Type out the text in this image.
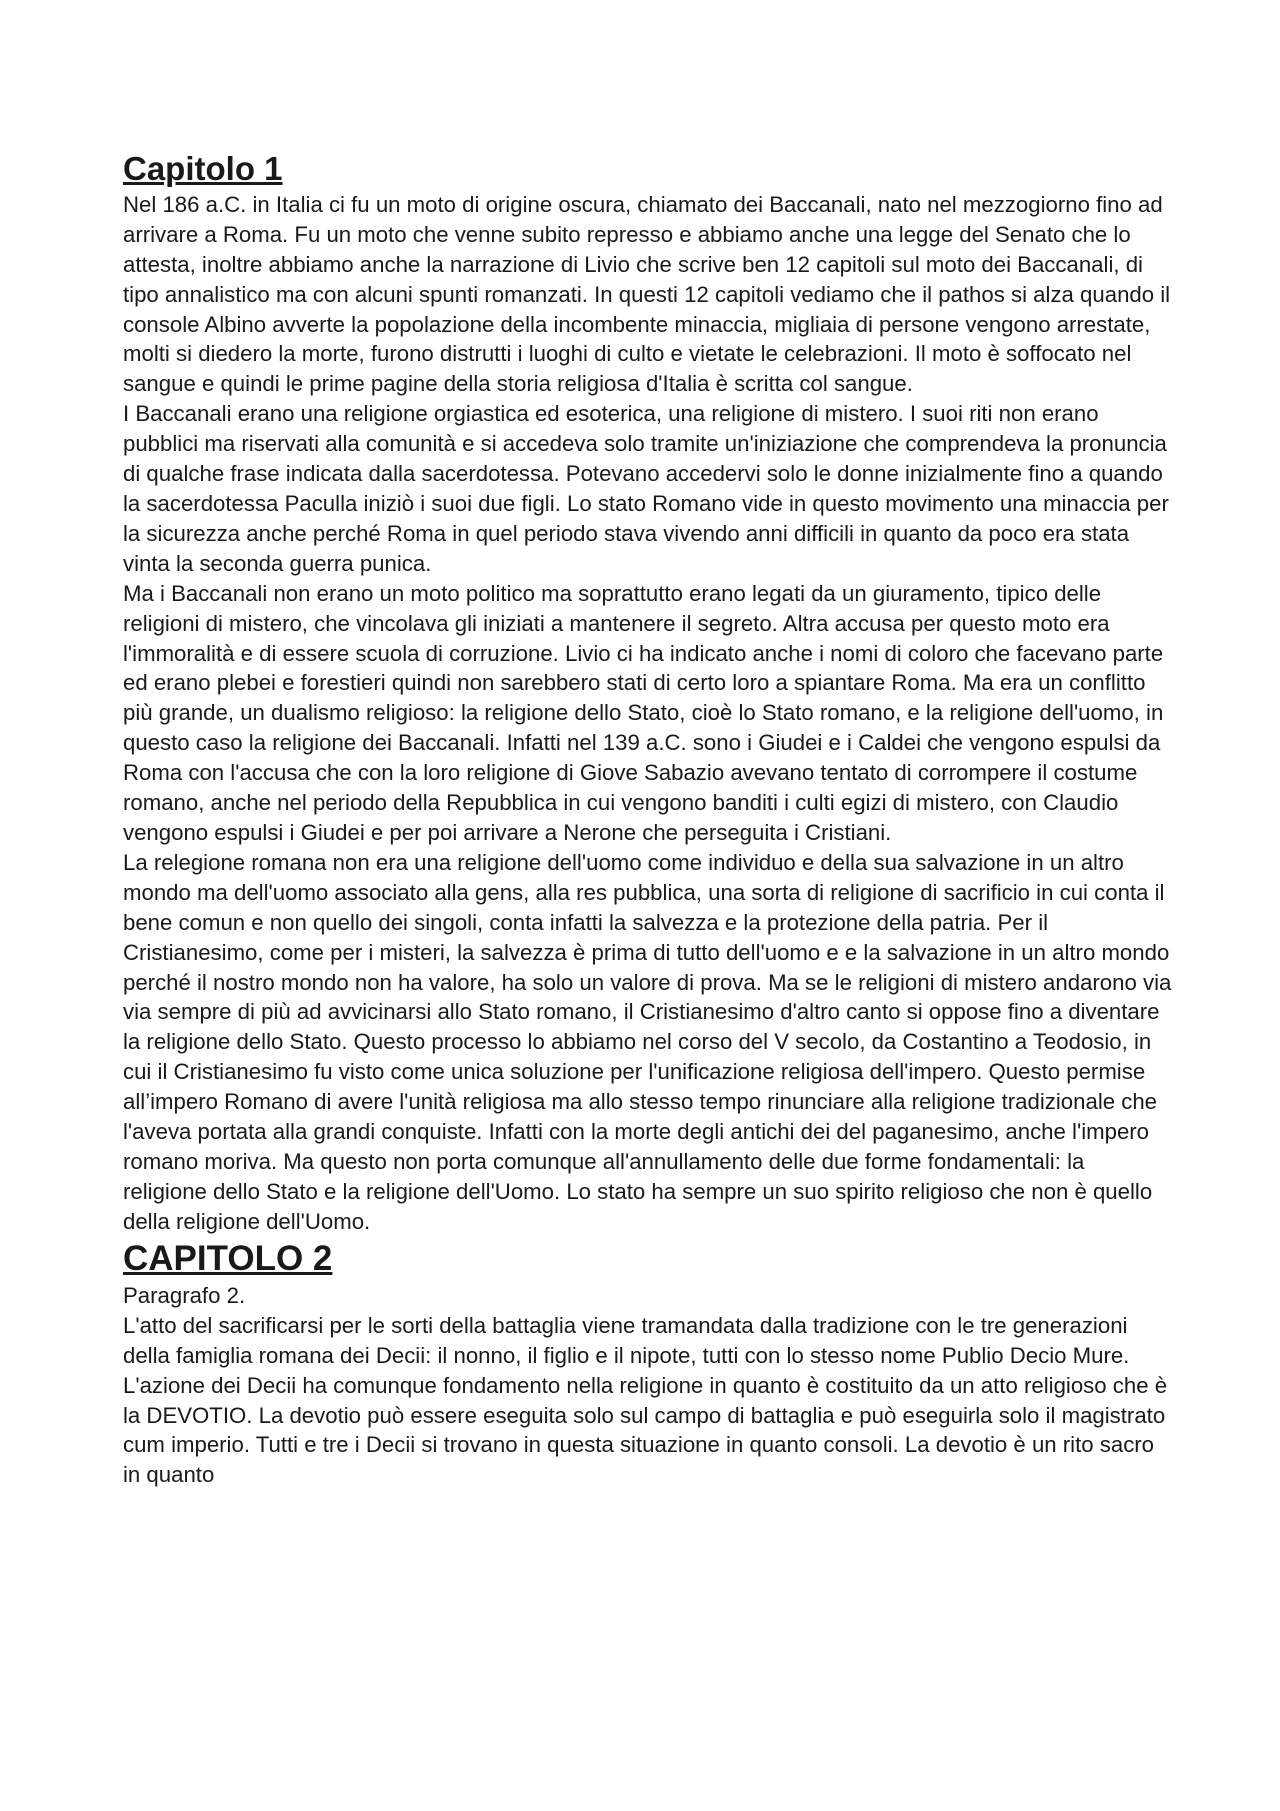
Capitolo 1

Nel 186 a.C. in Italia ci fu un moto di origine oscura, chiamato dei Baccanali, nato nel mezzogiorno fino ad arrivare a Roma. Fu un moto che venne subito represso e abbiamo anche una legge del Senato che lo attesta, inoltre abbiamo anche la narrazione di Livio che scrive ben 12 capitoli sul moto dei Baccanali, di tipo annalistico ma con alcuni spunti romanzati. In questi 12 capitoli vediamo che il pathos si alza quando il console Albino avverte la popolazione della incombente minaccia, migliaia di persone vengono arrestate, molti si diedero la morte, furono distrutti i luoghi di culto e vietate le celebrazioni. Il moto è soffocato nel sangue e quindi le prime pagine della storia religiosa d'Italia è scritta col sangue.

I Baccanali erano una religione orgiastica ed esoterica, una religione di mistero. I suoi riti non erano pubblici ma riservati alla comunità e si accedeva solo tramite un'iniziazione che comprendeva la pronuncia di qualche frase indicata dalla sacerdotessa. Potevano accedervi solo le donne inizialmente fino a quando la sacerdotessa Paculla iniziò i suoi due figli. Lo stato Romano vide in questo movimento una minaccia per la sicurezza anche perché Roma in quel periodo stava vivendo anni difficili in quanto da poco era stata vinta la seconda guerra punica.

Ma i Baccanali non erano un moto politico ma soprattutto erano legati da un giuramento, tipico delle religioni di mistero, che vincolava gli iniziati a mantenere il segreto. Altra accusa per questo moto era l'immoralità e di essere scuola di corruzione. Livio ci ha indicato anche i nomi di coloro che facevano parte ed erano plebei e forestieri quindi non sarebbero stati di certo loro a spiantare Roma. Ma era un conflitto più grande, un dualismo religioso: la religione dello Stato, cioè lo Stato romano, e la religione dell'uomo, in questo caso la religione dei Baccanali. Infatti nel 139 a.C. sono i Giudei e i Caldei che vengono espulsi da Roma con l'accusa che con la loro religione di Giove Sabazio avevano tentato di corrompere il costume romano, anche nel periodo della Repubblica in cui vengono banditi i culti egizi di mistero, con Claudio vengono espulsi i Giudei e per poi arrivare a Nerone che perseguita i Cristiani.

La relegione romana non era una religione dell'uomo come individuo e della sua salvazione in un altro mondo ma dell'uomo associato alla gens, alla res pubblica, una sorta di religione di sacrificio in cui conta il bene comun e non quello dei singoli, conta infatti la salvezza e la protezione della patria. Per il Cristianesimo, come per i misteri, la salvezza è prima di tutto dell'uomo e e la salvazione in un altro mondo perché il nostro mondo non ha valore, ha solo un valore di prova. Ma se le religioni di mistero andarono via via sempre di più ad avvicinarsi allo Stato romano, il Cristianesimo d'altro canto si oppose fino a diventare la religione dello Stato. Questo processo lo abbiamo nel corso del V secolo, da Costantino a Teodosio, in cui il Cristianesimo fu visto come unica soluzione per l'unificazione religiosa dell'impero. Questo permise all’impero Romano di avere l'unità religiosa ma allo stesso tempo rinunciare alla religione tradizionale che l'aveva portata alla grandi conquiste. Infatti con la morte degli antichi dei del paganesimo, anche l'impero romano moriva. Ma questo non porta comunque all'annullamento delle due forme fondamentali: la religione dello Stato e la religione dell'Uomo. Lo stato ha sempre un suo spirito religioso che non è quello della religione dell'Uomo.

CAPITOLO 2

Paragrafo 2.

L'atto del sacrificarsi per le sorti della battaglia viene tramandata dalla tradizione con le tre generazioni della famiglia romana dei Decii: il nonno, il figlio e il nipote, tutti con lo stesso nome Publio Decio Mure. L'azione dei Decii ha comunque fondamento nella religione in quanto è costituito da un atto religioso che è la DEVOTIO. La devotio può essere eseguita solo sul campo di battaglia e può eseguirla solo il magistrato cum imperio. Tutti e tre i Decii si trovano in questa situazione in quanto consoli. La devotio è un rito sacro in quanto
